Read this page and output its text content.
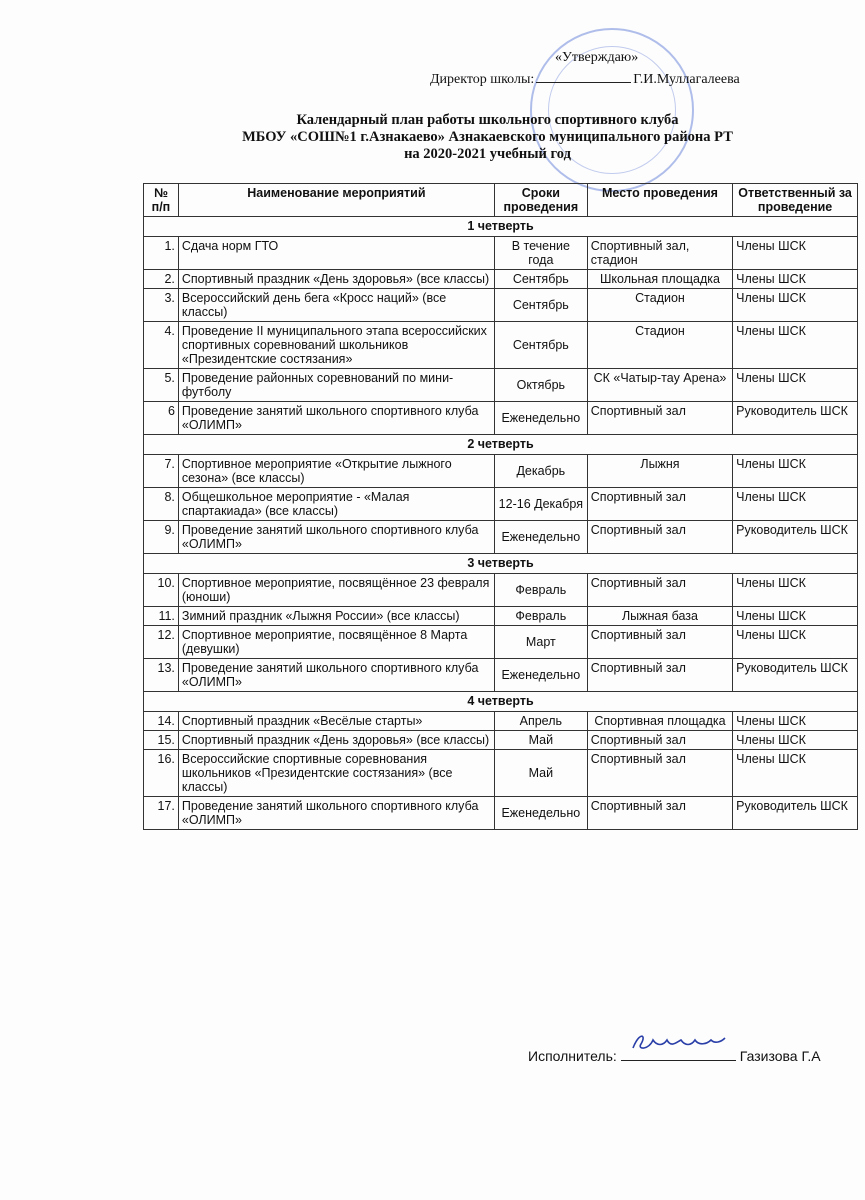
«Утверждаю»
Директор школы:	Г.И.Муллагалеева
Календарный план работы школьного спортивного клуба
МБОУ «СОШ№1 г.Азнакаево» Азнакаевского муниципального района РТ
на 2020-2021 учебный год
№ п/п	Наименование мероприятий	Сроки проведения	Место проведения	Ответственный за проведение
1 четверть				
1.	Сдача норм ГТО	В течение года	Спортивный зал, стадион	Члены ШСК
2.	Спортивный праздник «День здоровья» (все классы)	Сентябрь	Школьная площадка	Члены ШСК
3.	Всероссийский день бега «Кросс наций» (все классы)	Сентябрь	Стадион	Члены ШСК
4.	Проведение II муниципального этапа всероссийских спортивных соревнований школьников «Президентские состязания»	Сентябрь	Стадион	Члены ШСК
5.	Проведение районных соревнований по мини-футболу	Октябрь	СК «Чатыр-тау Арена»	Члены ШСК
6	Проведение занятий школьного спортивного клуба «ОЛИМП»	Еженедельно	Спортивный зал	Руководитель ШСК
2 четверть				
7.	Спортивное мероприятие «Открытие лыжного сезона» (все классы)	Декабрь	Лыжня	Члены ШСК
8.	Общешкольное мероприятие - «Малая спартакиада» (все классы)	12-16 Декабря	Спортивный зал	Члены ШСК
9.	Проведение занятий школьного спортивного клуба «ОЛИМП»	Еженедельно	Спортивный зал	Руководитель ШСК
3 четверть				
10.	Спортивное мероприятие, посвящённое 23 февраля (юноши)	Февраль	Спортивный зал	Члены ШСК
11.	Зимний праздник «Лыжня России» (все классы)	Февраль	Лыжная база	Члены ШСК
12.	Спортивное мероприятие, посвящённое 8 Марта (девушки)	Март	Спортивный зал	Члены ШСК
13.	Проведение занятий школьного спортивного клуба «ОЛИМП»	Еженедельно	Спортивный зал	Руководитель ШСК
4 четверть				
14.	Спортивный праздник «Весёлые старты»	Апрель	Спортивная площадка	Члены ШСК
15.	Спортивный праздник «День здоровья» (все классы)	Май	Спортивный зал	Члены ШСК
16.	Всероссийские спортивные соревнования школьников «Президентские состязания» (все классы)	Май	Спортивный зал	Члены ШСК
17.	Проведение занятий школьного спортивного клуба «ОЛИМП»	Еженедельно	Спортивный зал	Руководитель ШСК
Исполнитель:	Газизова Г.А
